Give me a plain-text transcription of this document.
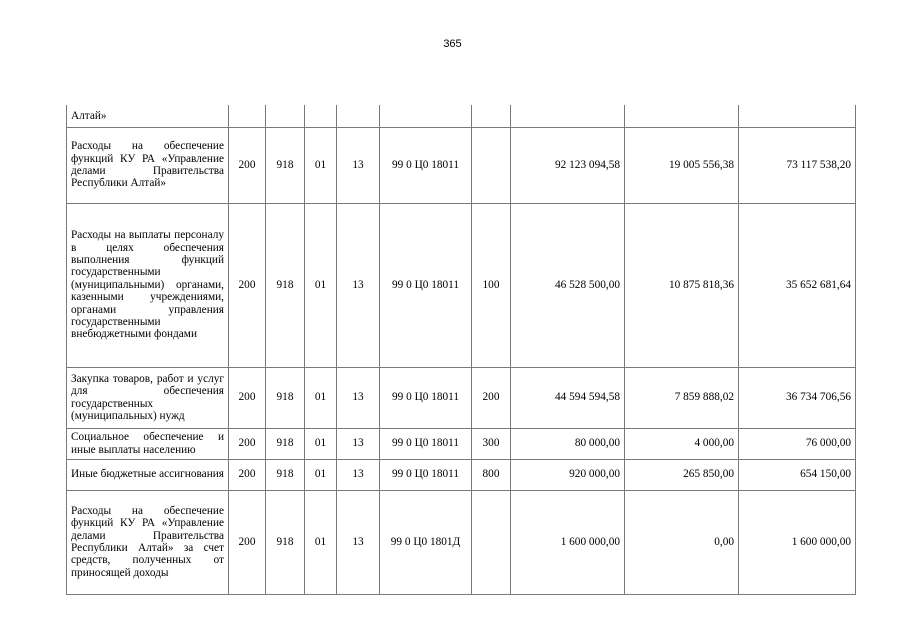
365
Алтай»									
Расходы на обеспечение функций КУ РА «Управление делами Правительства Республики Алтай»	200	918	01	13	99 0 Ц0 18011		92 123 094,58	19 005 556,38	73 117 538,20
Расходы на выплаты персоналу в целях обеспечения выполнения функций государственными (муниципальными) органами, казенными учреждениями, органами управления государственными внебюджетными фондами	200	918	01	13	99 0 Ц0 18011	100	46 528 500,00	10 875 818,36	35 652 681,64
Закупка товаров, работ и услуг для обеспечения государственных (муниципальных) нужд	200	918	01	13	99 0 Ц0 18011	200	44 594 594,58	7 859 888,02	36 734 706,56
Социальное обеспечение и иные выплаты населению	200	918	01	13	99 0 Ц0 18011	300	80 000,00	4 000,00	76 000,00
Иные бюджетные ассигнования	200	918	01	13	99 0 Ц0 18011	800	920 000,00	265 850,00	654 150,00
Расходы на обеспечение функций КУ РА «Управление делами Правительства Республики Алтай» за счет средств, полученных от приносящей доходы	200	918	01	13	99 0 Ц0 1801Д		1 600 000,00	0,00	1 600 000,00
